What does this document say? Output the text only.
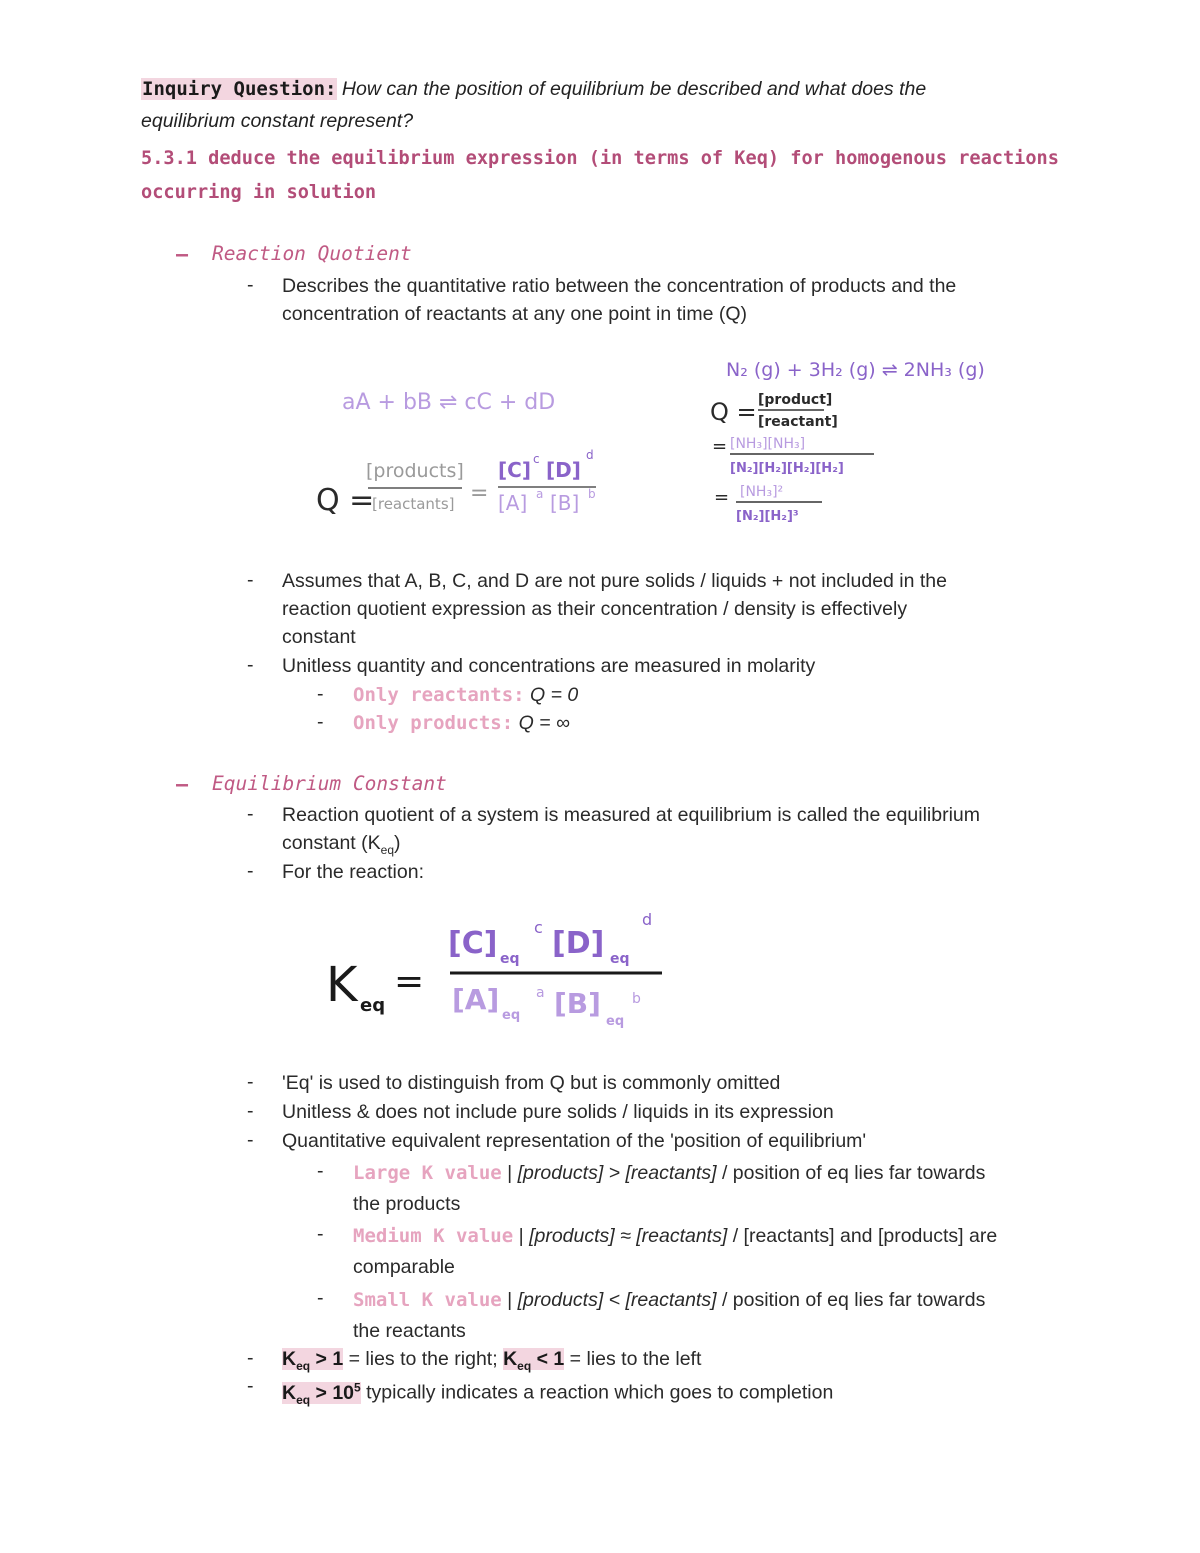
Inquiry Question: How can the position of equilibrium be described and what does the
equilibrium constant represent?
5.3.1 deduce the equilibrium expression (in terms of Keq) for homogenous reactions
occurring in solution
– Reaction Quotient
- Describes the quantitative ratio between the concentration of products and the
concentration of reactants at any one point in time (Q)
aA + bB ⇌ cC + dD
Q =
[products]
[reactants] =
[C] c [D]
d
[A] a [B] b
N₂ (g) + 3H₂ (g) ⇌ 2NH₃ (g)
Q = [product]
[reactant]
= [NH₃][NH₃]
[N₂][H₂][H₂][H₂]
= [NH₃]²
[N₂][H₂]³
- Assumes that A, B, C, and D are not pure solids / liquids + not included in the
reaction quotient expression as their concentration / density is effectively
constant
- Unitless quantity and concentrations are measured in molarity
- Only reactants: Q = 0
- Only products: Q = ∞
– Equilibrium Constant
- Reaction quotient of a system is measured at equilibrium is called the equilibrium
constant $(K_{eq})$
- For the reaction:
K eq
=
[C] eq
c [D] eq
d
[A] eq
a [B]
eq
b
- 'Eq' is used to distinguish from Q but is commonly omitted
- Unitless & does not include pure solids / liquids in its expression
- Quantitative equivalent representation of the 'position of equilibrium'
- Large K value | [products] > [reactants] / position of eq lies far towards
the products
- Medium K value | [products] ≈ [reactants] / [reactants] and [products] are
comparable
- Small K value | [products] < [reactants] / position of eq lies far towards
the reactants
- $K_{eq} > 1$ = lies to the right; $K_{eq} < 1$ = lies to the left
- $K_{eq} > 10^5$ typically indicates a reaction which goes to completion
